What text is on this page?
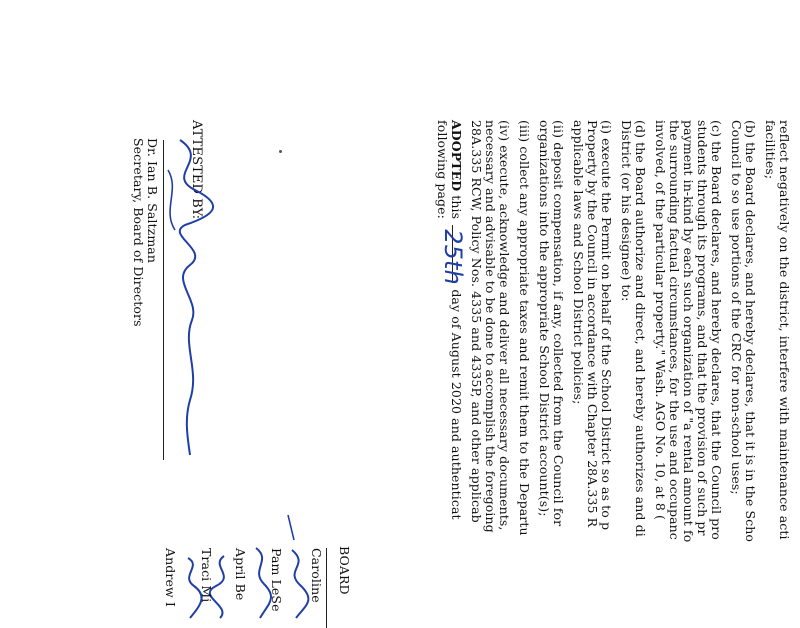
reflect negatively on the district, interfere with maintenance acti
facilities;
(b) the Board declares, and hereby declares, that it is in the Scho
Council to so use portions of the CRC for non-school uses;
(c) the Board declares, and hereby declares, that the Council pro
students through its programs, and that the provision of such pr
payment in-kind by each such organization of "a rental amount fo
the surrounding factual circumstances, for the use and occupanc
involved, of the particular property." Wash. AGO No. 10, at 8 (
(d) the Board authorize and direct, and hereby authorizes and di
District (or his designee) to:
(i) execute the Permit on behalf of the School District so as to p
Property by the Council in accordance with Chapter 28A.335 R
applicable laws and School District policies;
(ii) deposit compensation, if any, collected from the Council for
organizations into the appropriate School District account(s);
(iii) collect any appropriate taxes and remit them to the Departu
(iv) execute, acknowledge and deliver all necessary documents,
necessary and advisable to be done to accomplish the foregoing
28A.335 RCW, Policy Nos. 4335 and 4335P, and other applicab
ADOPTED this
25th
day of August 2020 and authenticat
following page:
ATTESTED BY:
Dr. Ian B. Saltzman
Secretary, Board of Directors
BOARD
Caroline
Pam LeSe
April Be
Traci Mi
Andrew I
